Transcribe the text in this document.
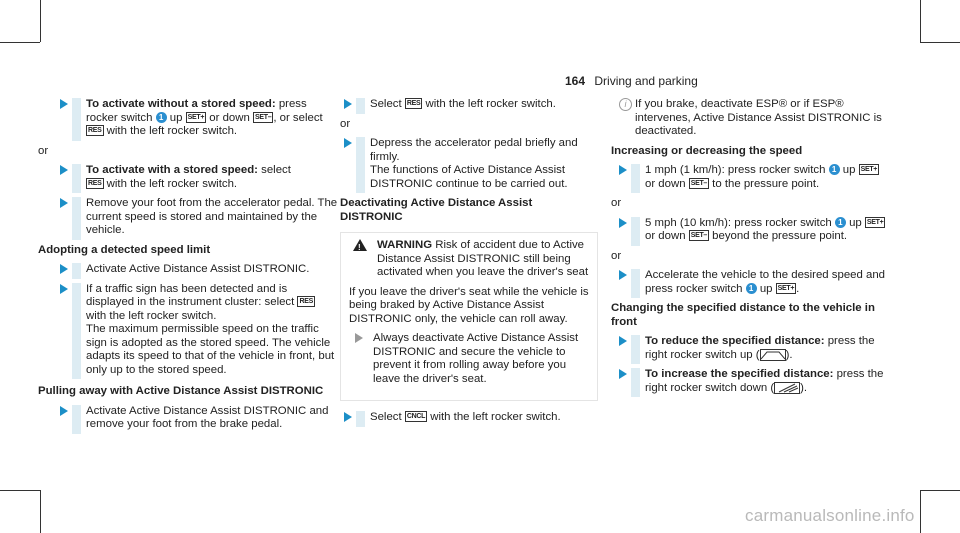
164 Driving and parking
To activate without a stored speed: press rocker switch 1 up SET+ or down SET– , or select RES with the left rocker switch.
or
To activate with a stored speed: select
RES with the left rocker switch.
Remove your foot from the accelerator pedal. The current speed is stored and maintained by the vehicle.
Adopting a detected speed limit
Activate Active Distance Assist DISTRONIC.
If a traffic sign has been detected and is displayed in the instrument cluster: select RES with the left rocker switch.
The maximum permissible speed on the traffic sign is adopted as the stored speed. The vehicle adapts its speed to that of the vehicle in front, but only up to the stored speed.
Pulling away with Active Distance Assist DISTRONIC
Activate Active Distance Assist DISTRONIC and remove your foot from the brake pedal.
Select RES with the left rocker switch.
or
Depress the accelerator pedal briefly and firmly.
The functions of Active Distance Assist DISTRONIC continue to be carried out.
Deactivating Active Distance Assist DISTRONIC
!
WARNING Risk of accident due to Active Distance Assist DISTRONIC still being activated when you leave the driver's seat
If you leave the driver's seat while the vehicle is being braked by Active Distance Assist DISTRONIC only, the vehicle can roll away.
Always deactivate Active Distance Assist DISTRONIC and secure the vehicle to prevent it from rolling away before you leave the driver's seat.
Select CNCL with the left rocker switch.
i If you brake, deactivate ESP® or if ESP® intervenes, Active Distance Assist DISTRONIC is deactivated.
Increasing or decreasing the speed
1 mph (1 km/h): press rocker switch 1 up SET+ or down SET– to the pressure point.
or
5 mph (10 km/h): press rocker switch 1 up SET+ or down SET– beyond the pressure point.
or
Accelerate the vehicle to the desired speed and press rocker switch 1 up SET+ .
Changing the specified distance to the vehicle in front
To reduce the specified distance: press the right rocker switch up ( ).
To increase the specified distance: press the right rocker switch down ( ).
carmanualsonline.info
